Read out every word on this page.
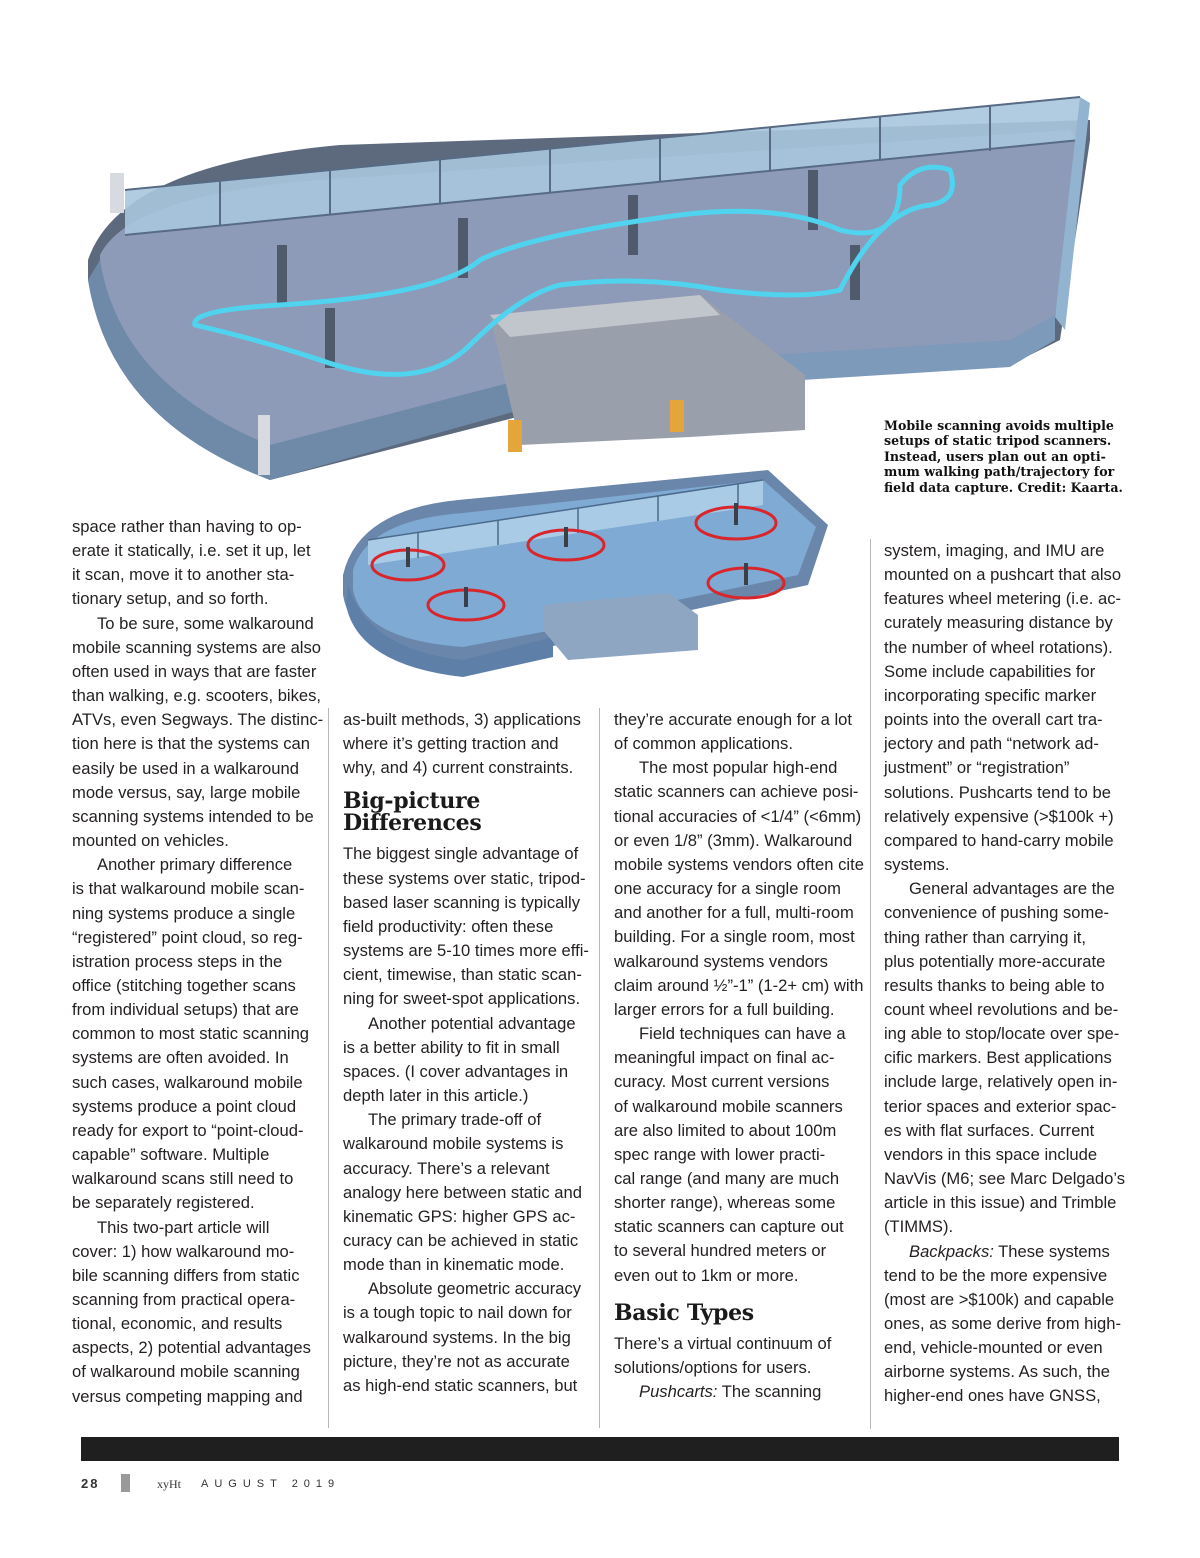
Mobile scanning avoids multiple
setups of static tripod scanners.
Instead, users plan out an opti-
mum walking path/trajectory for
field data capture. Credit: Kaarta.

space rather than having to op-
erate it statically, i.e. set it up, let
it scan, move it to another sta-
tionary setup, and so forth.

To be sure, some walkaround
mobile scanning systems are also
often used in ways that are faster
than walking, e.g. scooters, bikes,
ATVs, even Segways. The distinc-
tion here is that the systems can
easily be used in a walkaround
mode versus, say, large mobile
scanning systems intended to be
mounted on vehicles.

Another primary difference
is that walkaround mobile scan-
ning systems produce a single
“registered” point cloud, so reg-
istration process steps in the
office (stitching together scans
from individual setups) that are
common to most static scanning
systems are often avoided. In
such cases, walkaround mobile
systems produce a point cloud
ready for export to “point-cloud-
capable” software. Multiple
walkaround scans still need to
be separately registered.

This two-part article will
cover: 1) how walkaround mo-
bile scanning differs from static
scanning from practical opera-
tional, economic, and results
aspects, 2) potential advantages
of walkaround mobile scanning
versus competing mapping and

as-built methods, 3) applications
where it’s getting traction and
why, and 4) current constraints.

Big-picture
Differences

The biggest single advantage of
these systems over static, tripod-
based laser scanning is typically
field productivity: often these
systems are 5-10 times more effi-
cient, timewise, than static scan-
ning for sweet-spot applications.

Another potential advantage
is a better ability to fit in small
spaces. (I cover advantages in
depth later in this article.)

The primary trade-off of
walkaround mobile systems is
accuracy. There’s a relevant
analogy here between static and
kinematic GPS: higher GPS ac-
curacy can be achieved in static
mode than in kinematic mode.

Absolute geometric accuracy
is a tough topic to nail down for
walkaround systems. In the big
picture, they’re not as accurate
as high-end static scanners, but

they’re accurate enough for a lot
of common applications.

The most popular high-end
static scanners can achieve posi-
tional accuracies of <1/4” (<6mm)
or even 1/8” (3mm). Walkaround
mobile systems vendors often cite
one accuracy for a single room
and another for a full, multi-room
building. For a single room, most
walkaround systems vendors
claim around ½”-1” (1-2+ cm) with
larger errors for a full building.

Field techniques can have a
meaningful impact on final ac-
curacy. Most current versions
of walkaround mobile scanners
are also limited to about 100m
spec range with lower practi-
cal range (and many are much
shorter range), whereas some
static scanners can capture out
to several hundred meters or
even out to 1km or more.

Basic Types

There’s a virtual continuum of
solutions/options for users.

Pushcarts: The scanning

system, imaging, and IMU are
mounted on a pushcart that also
features wheel metering (i.e. ac-
curately measuring distance by
the number of wheel rotations).
Some include capabilities for
incorporating specific marker
points into the overall cart tra-
jectory and path “network ad-
justment” or “registration”
solutions. Pushcarts tend to be
relatively expensive (>$100k +)
compared to hand-carry mobile
systems.

General advantages are the
convenience of pushing some-
thing rather than carrying it,
plus potentially more-accurate
results thanks to being able to
count wheel revolutions and be-
ing able to stop/locate over spe-
cific markers. Best applications
include large, relatively open in-
terior spaces and exterior spac-
es with flat surfaces. Current
vendors in this space include
NavVis (M6; see Marc Delgado’s
article in this issue) and Trimble
(TIMMS).

Backpacks: These systems

tend to be the more expensive
(most are >$100k) and capable
ones, as some derive from high-
end, vehicle-mounted or even
airborne systems. As such, the
higher-end ones have GNSS,

28	xyHt AUGUST 2019
